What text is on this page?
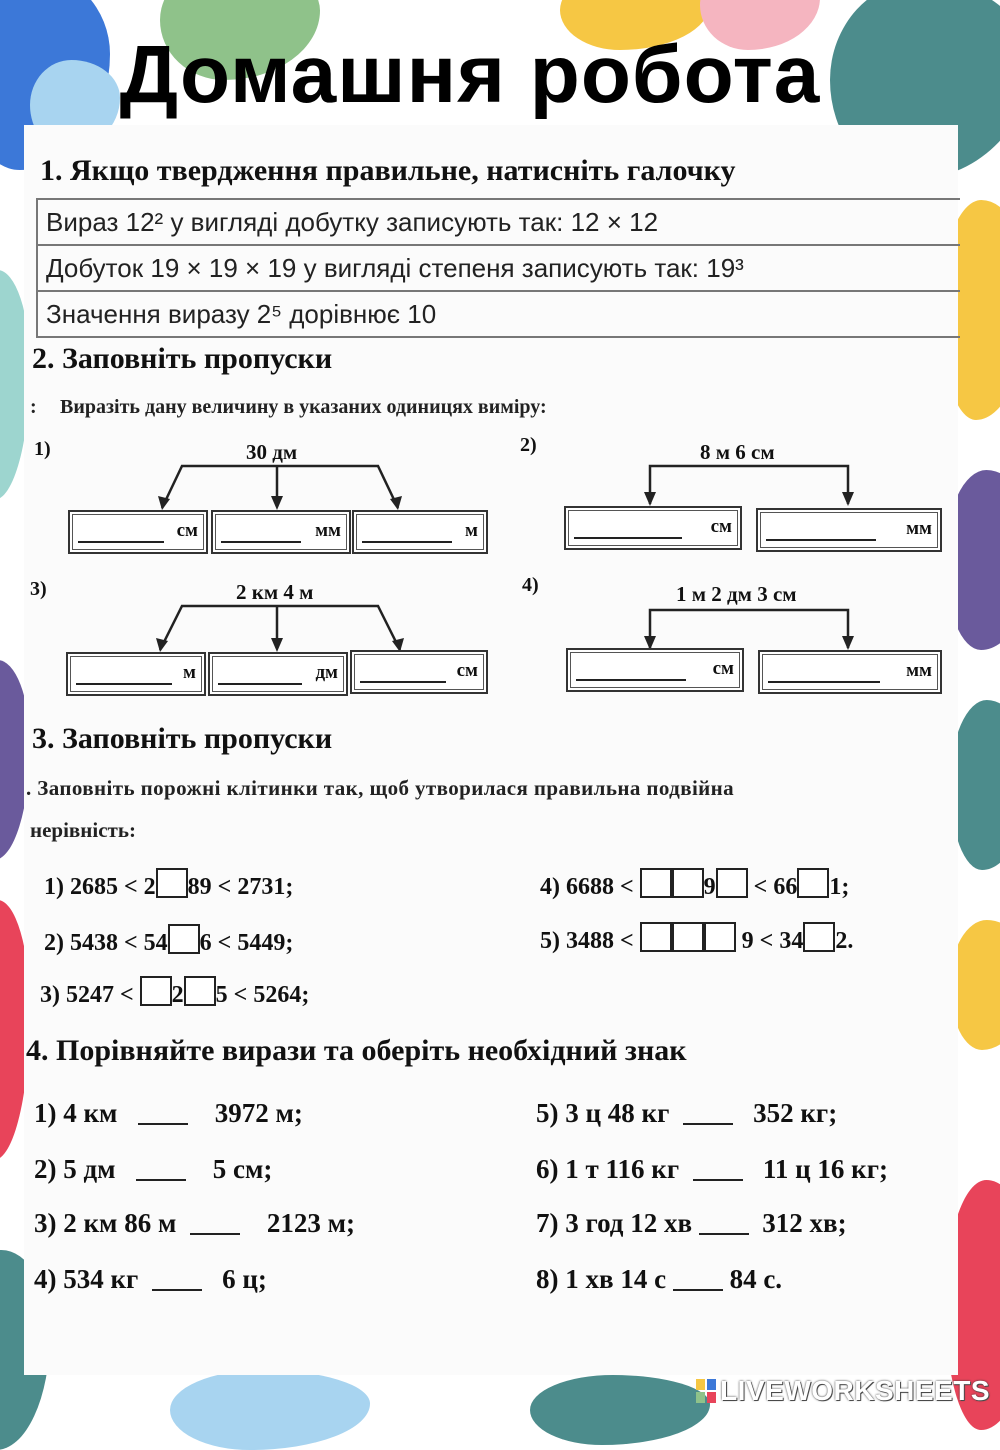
Домашня робота
1. Якщо твердження правильне, натисніть галочку
Вираз 12² у вигляді добутку записують так: 12 × 12
Добуток 19 × 19 × 19 у вигляді степеня записують так: 19³
Значення виразу 2⁵ дорівнює 10
2. Заповніть пропуски
: Виразіть дану величину в указаних одиницях виміру:
1)	30 дм
см	мм	м
2)	8 м 6 см
см	мм
3)	2 км 4 м
м	дм	см
4)	1 м 2 дм 3 см
см	мм
3. Заповніть пропуски
. Заповніть порожні клітинки так, щоб утворилася правильна подвійна
нерівність:
1) 2685 < 2 89 < 2731;
2) 5438 < 54 6 < 5449;
3) 5247 < 2 5 < 5264;
4) 6688 <	9 < 66 1;
5) 3488 <	9 < 34 2.
4. Порівняйте вирази та оберіть необхідний знак
1) 4 км	3972 м;
2) 5 дм	5 см;
3) 2 км 86 м	2123 м;
4) 534 кг	6 ц;
5) 3 ц 48 кг	352 кг;
6) 1 т 116 кг	11 ц 16 кг;
7) 3 год 12 хв	312 хв;
8) 1 хв 14 с 84 с.
LIVEWORKSHEETS
